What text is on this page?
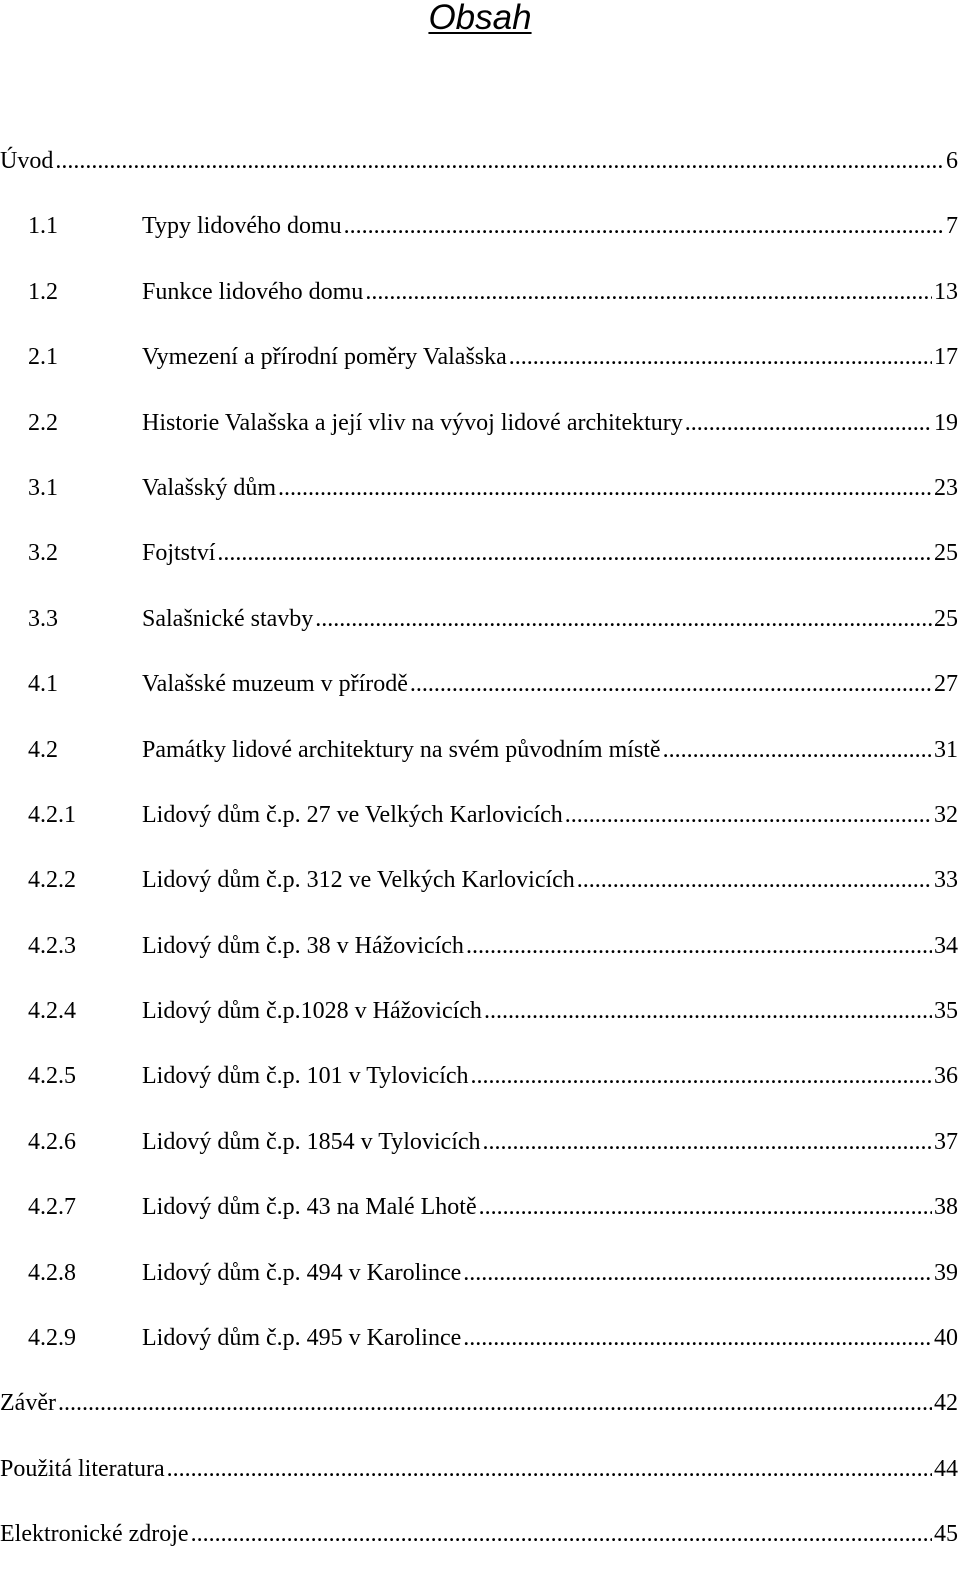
Obsah
Úvod .....	6
1.1	Typy lidového domu .....	7
1.2	Funkce lidového domu .....	13
2.1	Vymezení a přírodní poměry Valašska .....	17
2.2	Historie Valašska a její vliv na vývoj lidové architektury .....	19
3.1	Valašský dům .....	23
3.2	Fojtství .....	25
3.3	Salašnické stavby .....	25
4.1	Valašské muzeum v přírodě .....	27
4.2	Památky lidové architektury na svém původním místě .....	31
4.2.1	Lidový dům č.p. 27 ve Velkých Karlovicích .....	32
4.2.2	Lidový dům č.p. 312 ve Velkých Karlovicích .....	33
4.2.3	Lidový dům č.p. 38 v Hážovicích .....	34
4.2.4	Lidový dům č.p.1028 v Hážovicích .....	35
4.2.5	Lidový dům č.p. 101 v Tylovicích .....	36
4.2.6	Lidový dům č.p. 1854 v Tylovicích .....	37
4.2.7	Lidový dům č.p. 43 na Malé Lhotě .....	38
4.2.8	Lidový dům č.p. 494 v Karolince .....	39
4.2.9	Lidový dům č.p. 495 v Karolince .....	40
Závěr .....	42
Použitá literatura .....	44
Elektronické zdroje .....	45
